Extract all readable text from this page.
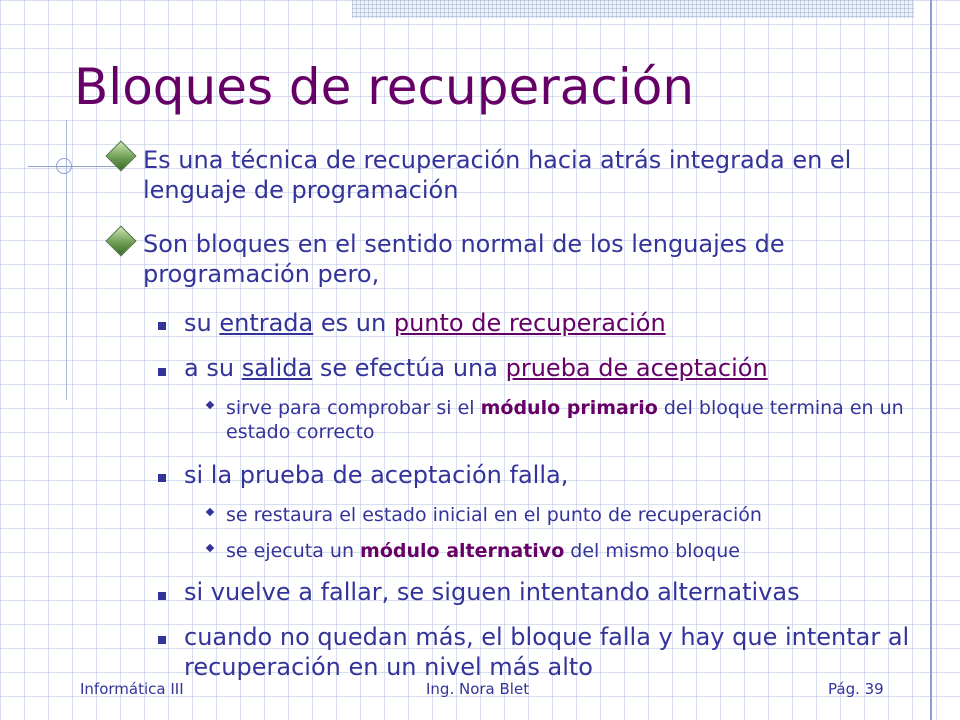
Bloques de recuperación
Es una técnica de recuperación hacia atrás integrada en el lenguaje de programación
Son bloques en el sentido normal de los lenguajes de programación pero,
su entrada es un punto de recuperación
a su salida se efectúa una prueba de aceptación
sirve para comprobar si el módulo primario del bloque termina en un estado correcto
si la prueba de aceptación falla,
se restaura el estado inicial en el punto de recuperación
se ejecuta un módulo alternativo del mismo bloque
si vuelve a fallar, se siguen intentando alternativas
cuando no quedan más, el bloque falla y hay que intentar al recuperación en un nivel más alto
Informática III	Ing. Nora Blet	Pág. 39
